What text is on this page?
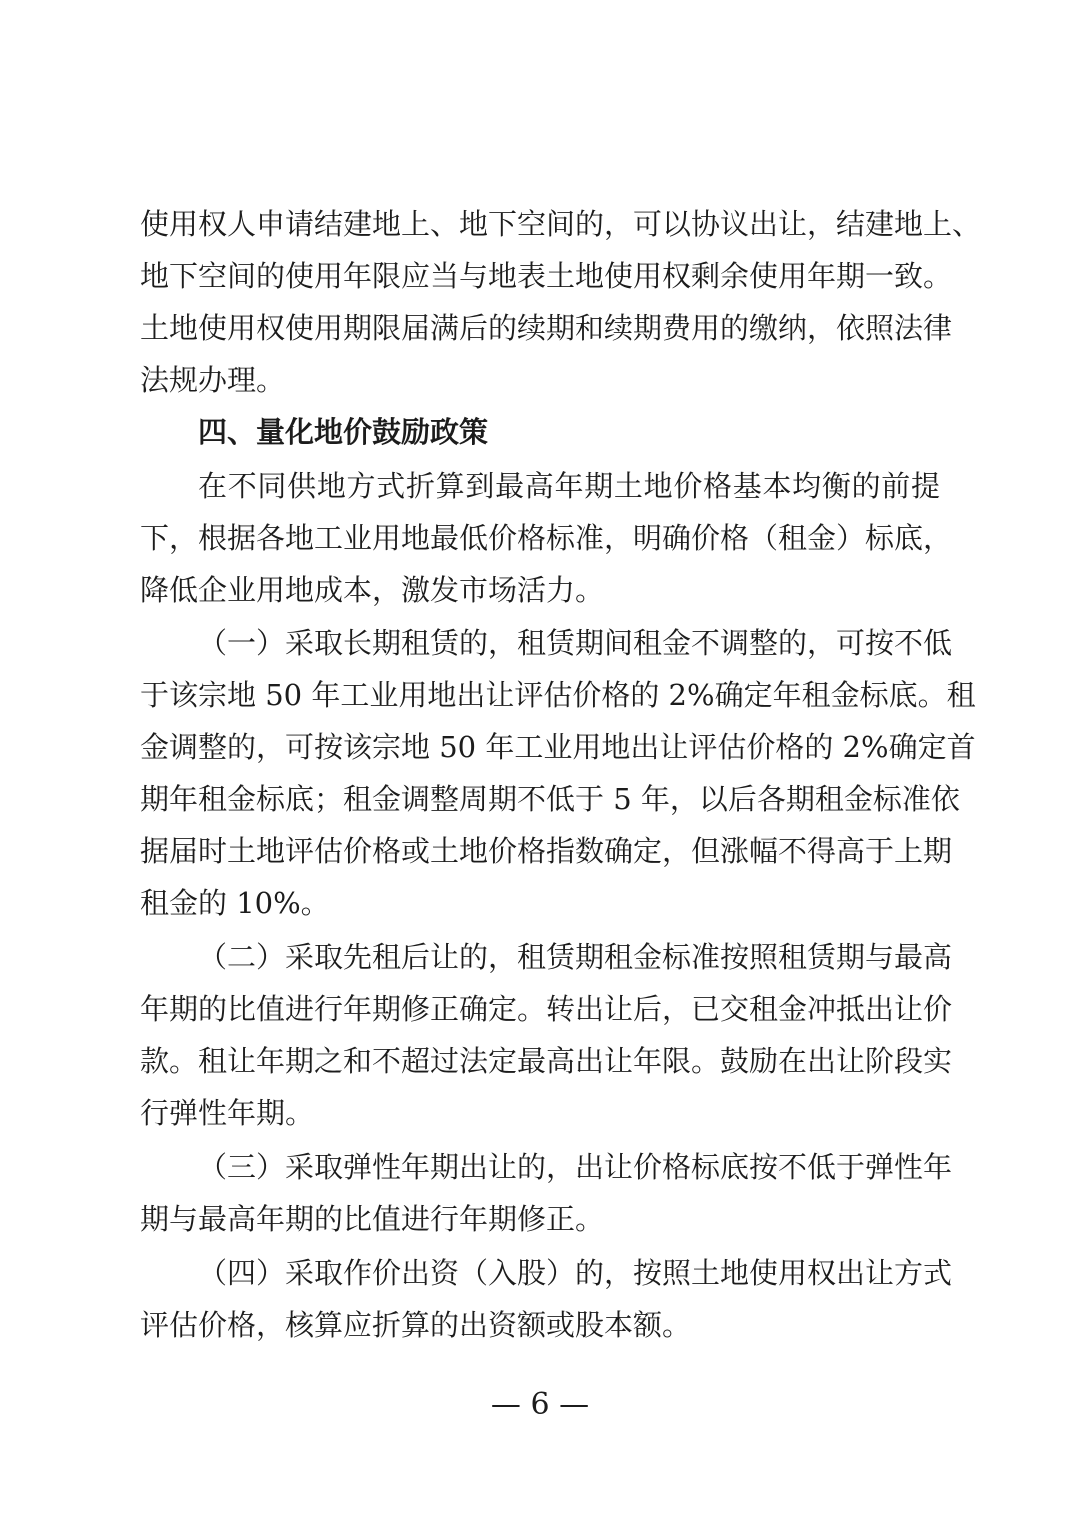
使用权人申请结建地上、地下空间的，可以协议出让，结建地上、
地下空间的使用年限应当与地表土地使用权剩余使用年期一致。
土地使用权使用期限届满后的续期和续期费用的缴纳，依照法律
法规办理。
四、量化地价鼓励政策
在不同供地方式折算到最高年期土地价格基本均衡的前提
下，根据各地工业用地最低价格标准，明确价格（租金）标底，
降低企业用地成本，激发市场活力。
（一）采取长期租赁的，租赁期间租金不调整的，可按不低
于该宗地 50 年工业用地出让评估价格的 2%确定年租金标底。租
金调整的，可按该宗地 50 年工业用地出让评估价格的 2%确定首
期年租金标底；租金调整周期不低于 5 年，以后各期租金标准依
据届时土地评估价格或土地价格指数确定，但涨幅不得高于上期
租金的 10%。
（二）采取先租后让的，租赁期租金标准按照租赁期与最高
年期的比值进行年期修正确定。转出让后，已交租金冲抵出让价
款。租让年期之和不超过法定最高出让年限。鼓励在出让阶段实
行弹性年期。
（三）采取弹性年期出让的，出让价格标底按不低于弹性年
期与最高年期的比值进行年期修正。
（四）采取作价出资（入股）的，按照土地使用权出让方式
评估价格，核算应折算的出资额或股本额。
— 6 —
